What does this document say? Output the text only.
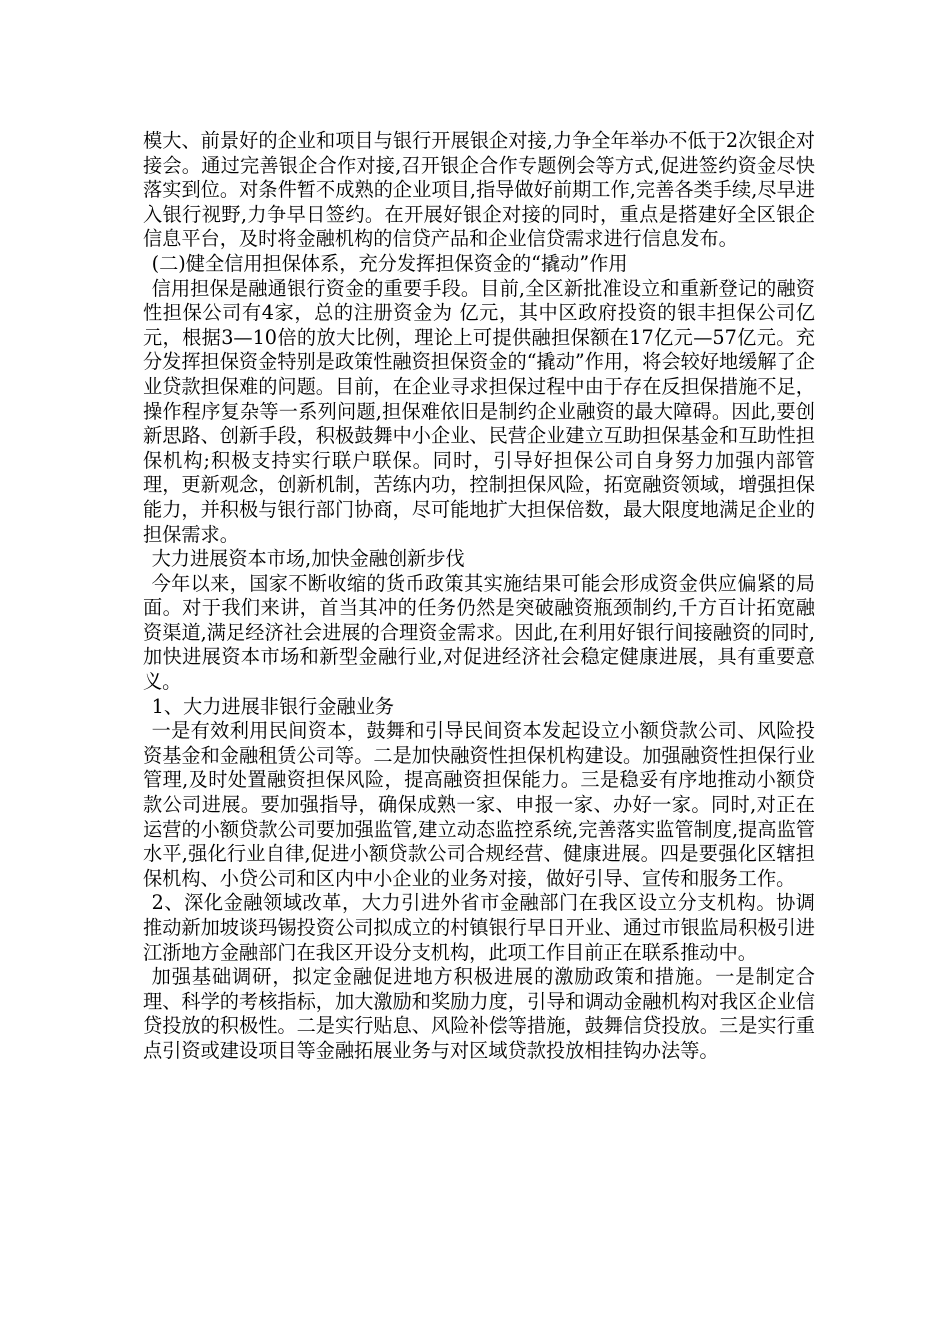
模大、前景好的企业和项目与银行开展银企对接,力争全年举办不低于2次银企对接会。通过完善银企合作对接,召开银企合作专题例会等方式,促进签约资金尽快落实到位。对条件暂不成熟的企业项目,指导做好前期工作,完善各类手续,尽早进入银行视野,力争早日签约。在开展好银企对接的同时，重点是搭建好全区银企信息平台，及时将金融机构的信贷产品和企业信贷需求进行信息发布。

(二)健全信用担保体系，充分发挥担保资金的“撬动”作用

信用担保是融通银行资金的重要手段。目前,全区新批准设立和重新登记的融资性担保公司有4家，总的注册资金为 亿元，其中区政府投资的银丰担保公司亿元，根据3—10倍的放大比例，理论上可提供融担保额在17亿元—57亿元。充分发挥担保资金特别是政策性融资担保资金的“撬动”作用，将会较好地缓解了企业贷款担保难的问题。目前，在企业寻求担保过程中由于存在反担保措施不足，操作程序复杂等一系列问题,担保难依旧是制约企业融资的最大障碍。因此,要创新思路、创新手段，积极鼓舞中小企业、民营企业建立互助担保基金和互助性担保机构;积极支持实行联户联保。同时，引导好担保公司自身努力加强内部管理，更新观念，创新机制，苦练内功，控制担保风险，拓宽融资领域，增强担保能力，并积极与银行部门协商，尽可能地扩大担保倍数，最大限度地满足企业的担保需求。

大力进展资本市场,加快金融创新步伐

今年以来，国家不断收缩的货币政策其实施结果可能会形成资金供应偏紧的局面。对于我们来讲，首当其冲的任务仍然是突破融资瓶颈制约,千方百计拓宽融资渠道,满足经济社会进展的合理资金需求。因此,在利用好银行间接融资的同时,加快进展资本市场和新型金融行业,对促进经济社会稳定健康进展，具有重要意义。

1、大力进展非银行金融业务

一是有效利用民间资本，鼓舞和引导民间资本发起设立小额贷款公司、风险投资基金和金融租赁公司等。二是加快融资性担保机构建设。加强融资性担保行业管理,及时处置融资担保风险，提高融资担保能力。三是稳妥有序地推动小额贷款公司进展。要加强指导，确保成熟一家、申报一家、办好一家。同时,对正在运营的小额贷款公司要加强监管,建立动态监控系统,完善落实监管制度,提高监管水平,强化行业自律,促进小额贷款公司合规经营、健康进展。四是要强化区辖担保机构、小贷公司和区内中小企业的业务对接，做好引导、宣传和服务工作。

2、深化金融领域改革，大力引进外省市金融部门在我区设立分支机构。协调推动新加坡谈玛锡投资公司拟成立的村镇银行早日开业、通过市银监局积极引进江浙地方金融部门在我区开设分支机构，此项工作目前正在联系推动中。

加强基础调研，拟定金融促进地方积极进展的激励政策和措施。一是制定合理、科学的考核指标，加大激励和奖励力度，引导和调动金融机构对我区企业信贷投放的积极性。二是实行贴息、风险补偿等措施，鼓舞信贷投放。三是实行重点引资或建设项目等金融拓展业务与对区域贷款投放相挂钩办法等。
